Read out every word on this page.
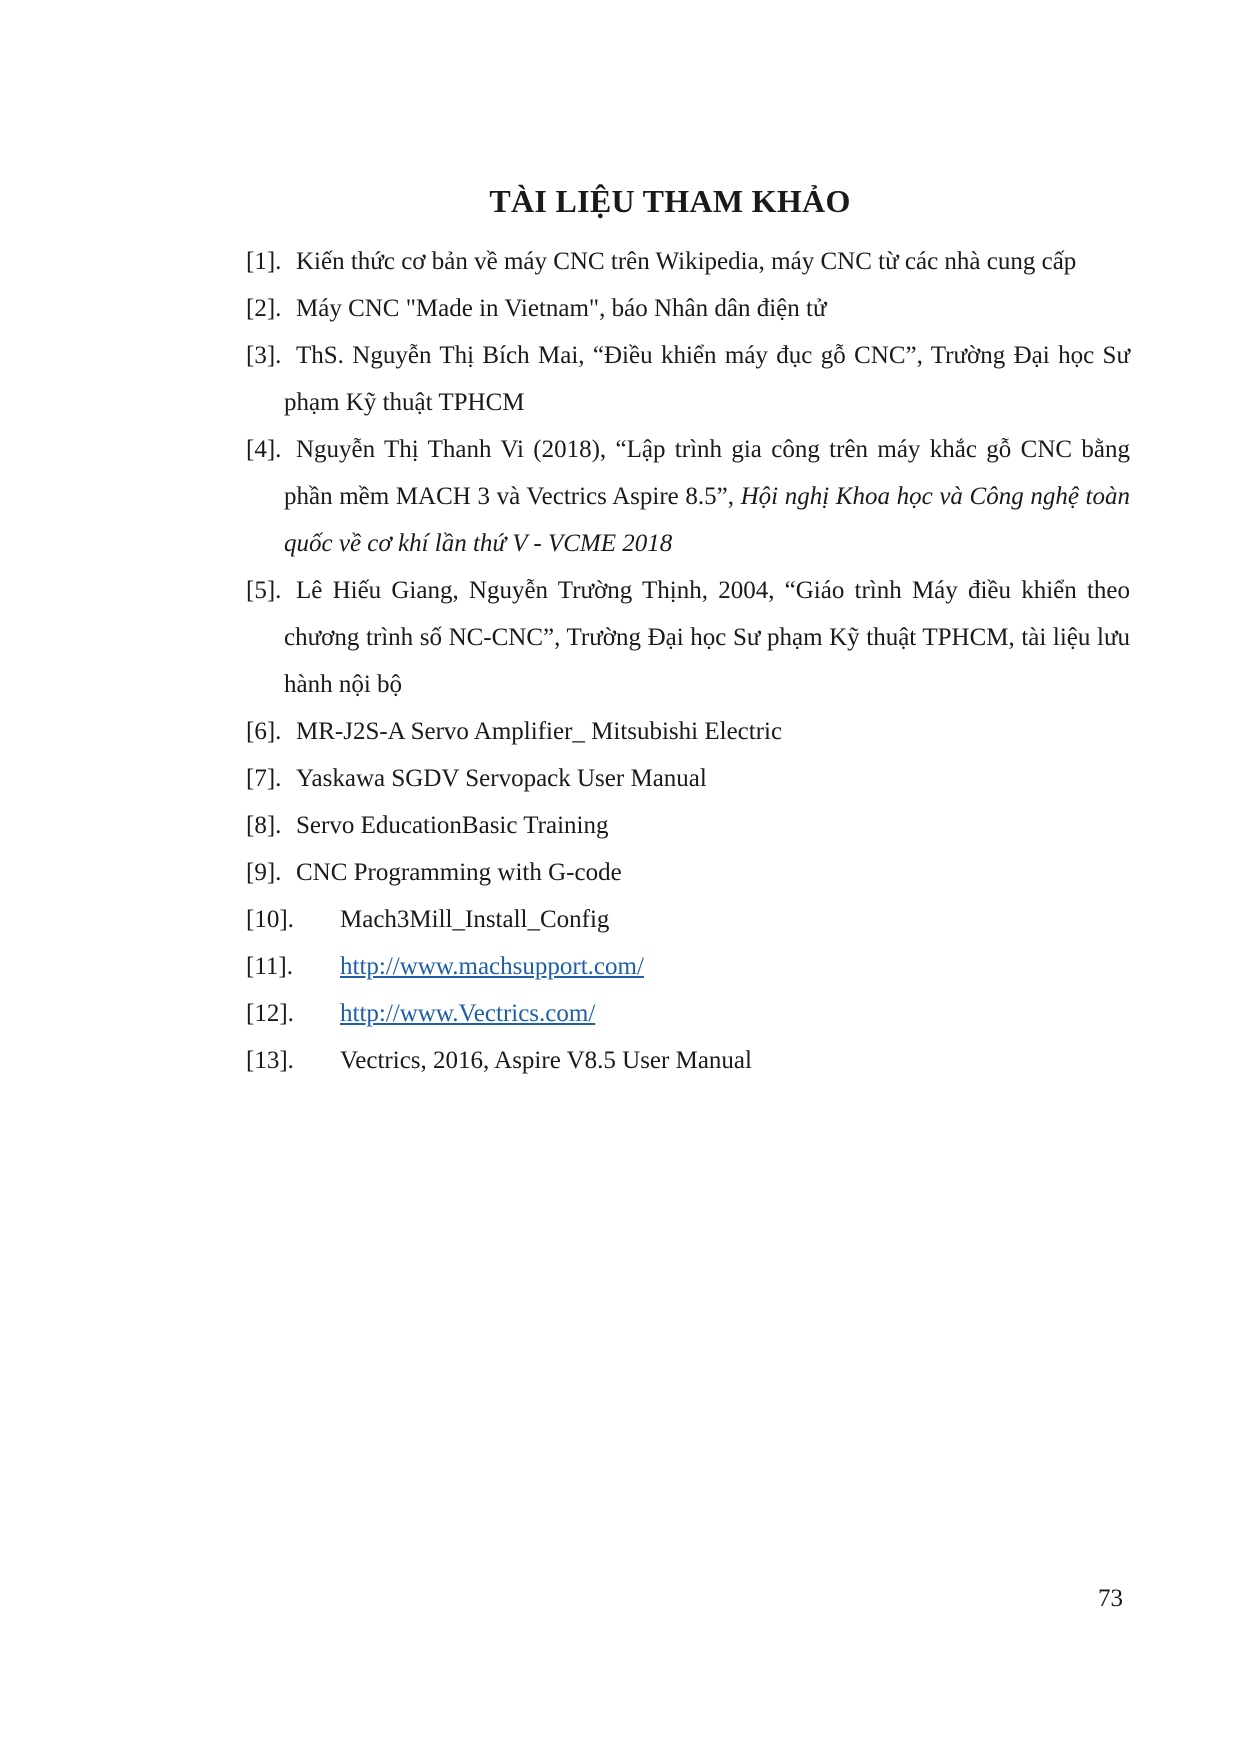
TÀI LIỆU THAM KHẢO
[1]. Kiến thức cơ bản về máy CNC trên Wikipedia, máy CNC từ các nhà cung cấp
[2]. Máy CNC "Made in Vietnam", báo Nhân dân điện tử
[3]. ThS. Nguyễn Thị Bích Mai, “Điều khiển máy đục gỗ CNC”, Trường Đại học Sư phạm Kỹ thuật TPHCM
[4]. Nguyễn Thị Thanh Vi (2018), “Lập trình gia công trên máy khắc gỗ CNC bằng phần mềm MACH 3 và Vectrics Aspire 8.5”, Hội nghị Khoa học và Công nghệ toàn quốc về cơ khí lần thứ V - VCME 2018
[5]. Lê Hiếu Giang, Nguyễn Trường Thịnh, 2004, “Giáo trình Máy điều khiển theo chương trình số NC-CNC”, Trường Đại học Sư phạm Kỹ thuật TPHCM, tài liệu lưu hành nội bộ
[6]. MR-J2S-A Servo Amplifier_ Mitsubishi Electric
[7]. Yaskawa SGDV Servopack User Manual
[8]. Servo EducationBasic Training
[9]. CNC Programming with G-code
[10]. Mach3Mill_Install_Config
[11]. http://www.machsupport.com/
[12]. http://www.Vectrics.com/
[13]. Vectrics, 2016, Aspire V8.5 User Manual
73
